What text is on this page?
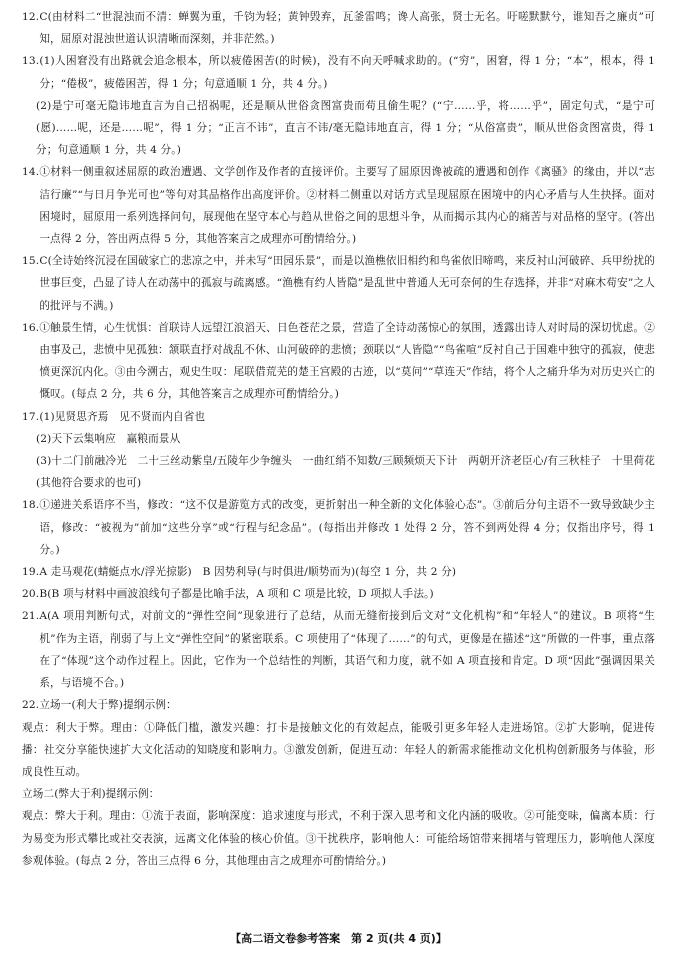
12. C(由材料二“世混浊而不清：蝉翼为重，千钧为轻；黄钟毁弃，瓦釜雷鸣；谗人高张，贤士无名。吁嗟默默兮，谁知吾之廉贞”可知，屈原对混浊世道认识清晰而深刻，并非茫然。)
13. (1)人困窘没有出路就会追念根本，所以疲倦困苦(的时候)，没有不向天呼喊求助的。(“穷”，困窘，得 1 分；“本”，根本，得 1 分；“倦极”，疲倦困苦，得 1 分；句意通顺 1 分，共 4 分。)
(2)是宁可毫无隐讳地直言为自己招祸呢，还是顺从世俗贪图富贵而苟且偷生呢？(“宁……乎，将……乎”，固定句式，“是宁可(愿)……呢，还是……呢”，得 1 分；“正言不讳”，直言不讳/毫无隐讳地直言，得 1 分；“从俗富贵”，顺从世俗贪图富贵，得 1 分；句意通顺 1 分，共 4 分。)
14. ①材料一侧重叙述屈原的政治遭遇、文学创作及作者的直接评价。主要写了屈原因谗被疏的遭遇和创作《离骚》的缘由，并以“志洁行廉”“与日月争光可也”等句对其品格作出高度评价。②材料二侧重以对话方式呈现屈原在困境中的内心矛盾与人生抉择。面对困境时，屈原用一系列选择问句，展现他在坚守本心与趋从世俗之间的思想斗争，从而揭示其内心的痛苦与对品格的坚守。(答出一点得 2 分，答出两点得 5 分，其他答案言之成理亦可酌情给分。)
15. C(全诗始终沉浸在国破家亡的悲凉之中，并未写“田园乐景”，而是以渔樵依旧相约和鸟雀依旧啼鸣，来反衬山河破碎、兵甲纷扰的世事巨变，凸显了诗人在动荡中的孤寂与疏离感。“渔樵有约人皆隐”是乱世中普通人无可奈何的生存选择，并非“对麻木苟安”之人的批评与不满。)
16. ①触景生情，心生忧惧：首联诗人远望江浪滔天、日色苍茫之景，营造了全诗动荡惊心的氛围，透露出诗人对时局的深切忧虑。②由事及己，悲愤中见孤独：颔联直抒对战乱不休、山河破碎的悲愤；颈联以“人皆隐”“鸟雀喧”反衬自己于国难中独守的孤寂，使悲愤更深沉内化。③由今溯古，观史生叹：尾联借荒芜的楚王宫殿的古迹，以“莫问”“草连天”作结，将个人之痛升华为对历史兴亡的慨叹。(每点 2 分，共 6 分，其他答案言之成理亦可酌情给分。)
17. (1)见贤思齐焉　见不贤而内自省也
(2)天下云集响应　赢粮而景从
(3)十二门前融冷光　二十三丝动紫皇/五陵年少争缠头　一曲红绡不知数/三顾频烦天下计　两朝开济老臣心/有三秋桂子　十里荷花(其他符合要求的也可)
18. ①递进关系语序不当，修改：“这不仅是游览方式的改变，更折射出一种全新的文化体验心态”。③前后分句主语不一致导致缺少主语，修改：“被视为”前加“这些分享”或“行程与纪念品”。(每指出并修改 1 处得 2 分，答不到两处得 4 分；仅指出序号，得 1 分。)
19. A 走马观花(蜻蜓点水/浮光掠影)　B 因势利导(与时俱进/顺势而为)(每空 1 分，共 2 分)
20. B(B 项与材料中画波浪线句子都是比喻手法，A 项和 C 项是比较，D 项拟人手法。)
21. A(A 项用判断句式，对前文的“弹性空间”现象进行了总结，从而无缝衔接到后文对“文化机构”和“年轻人”的建议。B 项将“生机”作为主语，削弱了与上文“弹性空间”的紧密联系。C 项使用了“体现了……”的句式，更像是在描述“这”所做的一件事，重点落在了“体现”这个动作过程上。因此，它作为一个总结性的判断，其语气和力度，就不如 A 项直接和肯定。D 项“因此”强调因果关系，与语境不合。)
22. 立场一(利大于弊)提纲示例：
观点：利大于弊。理由：①降低门槛，激发兴趣：打卡是接触文化的有效起点，能吸引更多年轻人走进场馆。②扩大影响，促进传播：社交分享能快速扩大文化活动的知晓度和影响力。③激发创新，促进互动：年轻人的新需求能推动文化机构创新服务与体验，形成良性互动。
立场二(弊大于利)提纲示例：
观点：弊大于利。理由：①流于表面，影响深度：追求速度与形式，不利于深入思考和文化内涵的吸收。②可能变味，偏离本质：行为易变为形式攀比或社交表演，远离文化体验的核心价值。③干扰秩序，影响他人：可能给场馆带来拥堵与管理压力，影响他人深度参观体验。(每点 2 分，答出三点得 6 分，其他理由言之成理亦可酌情给分。)
【高二语文卷参考答案　第 2 页(共 4 页)】
